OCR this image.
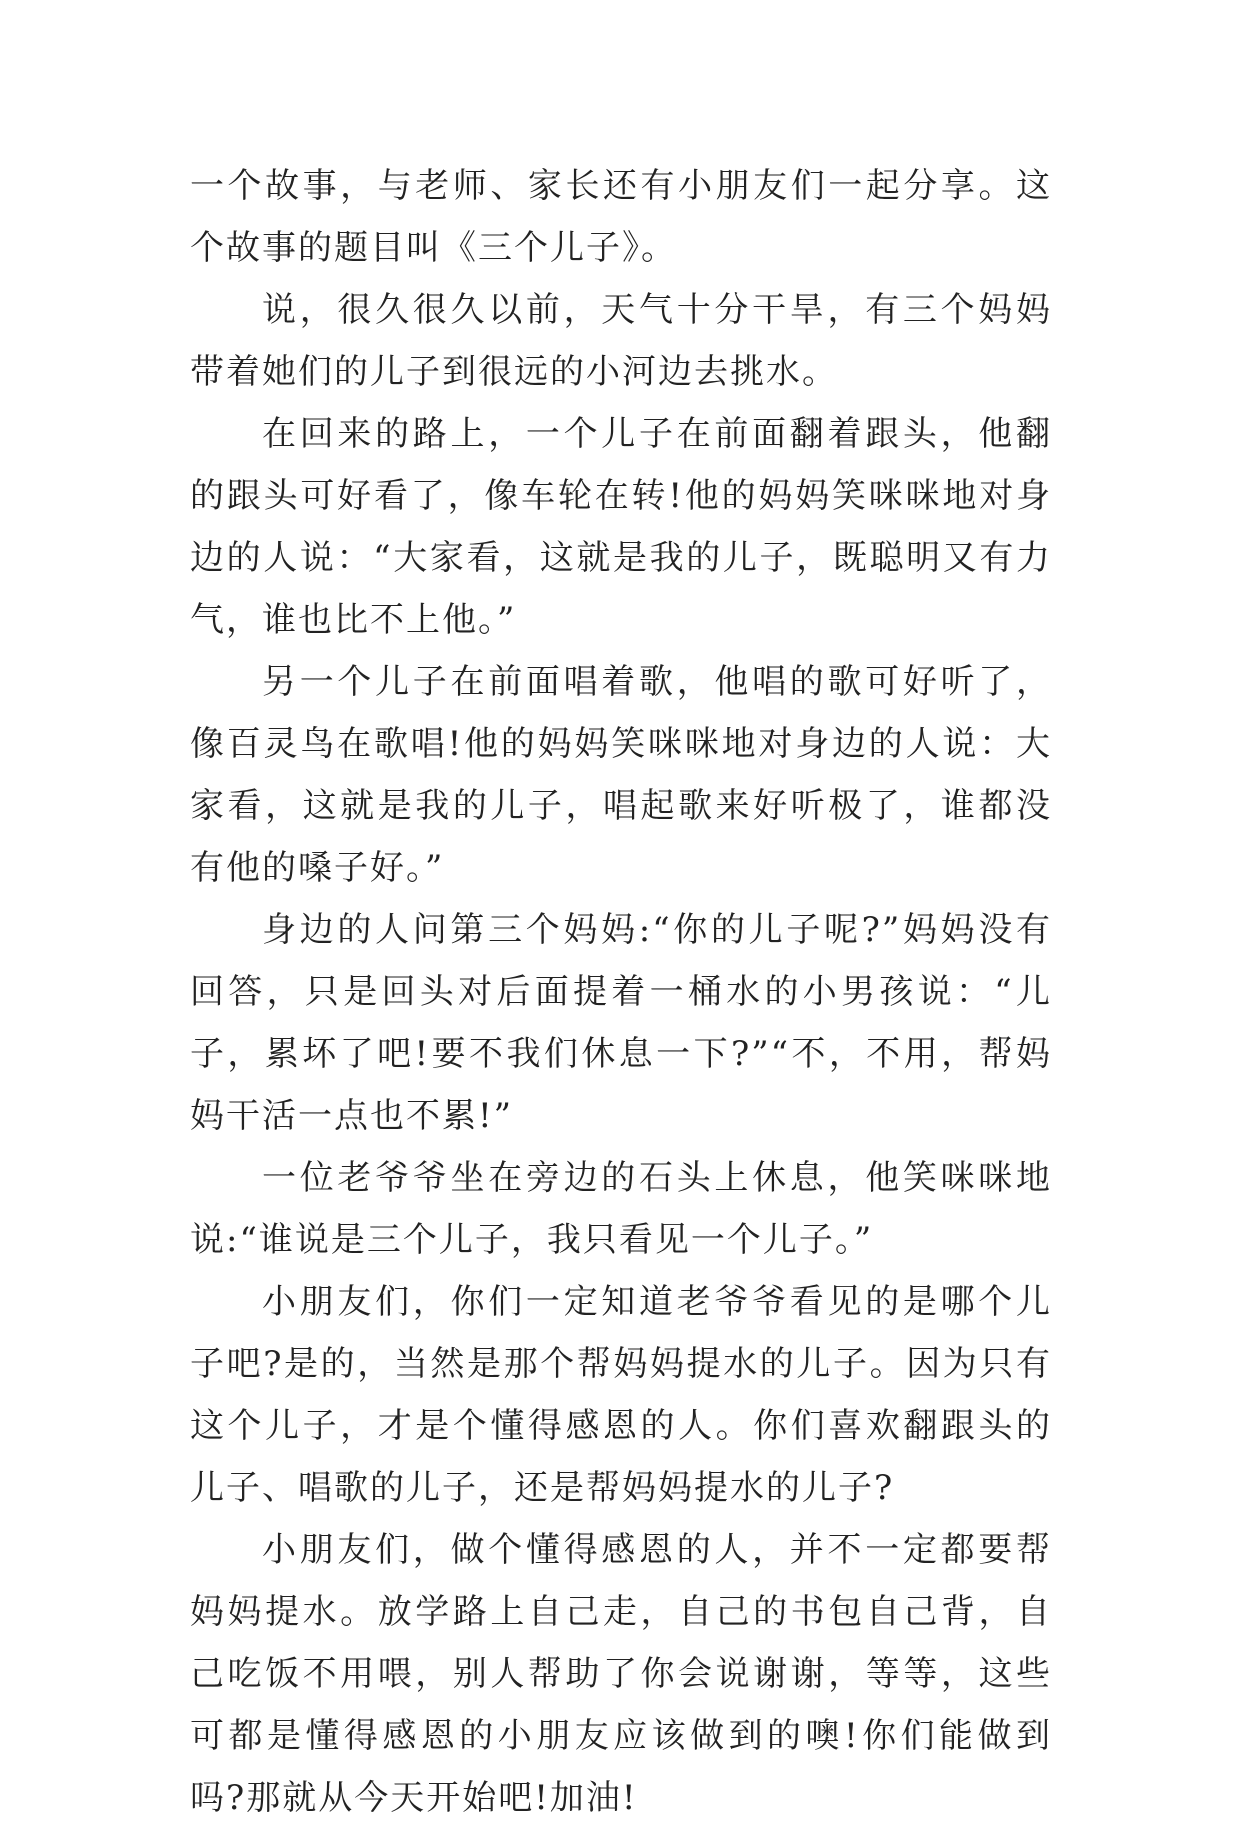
一个故事，与老师、家长还有小朋友们一起分享。这个故事的题目叫《三个儿子》。

说，很久很久以前，天气十分干旱，有三个妈妈带着她们的儿子到很远的小河边去挑水。

在回来的路上，一个儿子在前面翻着跟头，他翻的跟头可好看了，像车轮在转!他的妈妈笑咪咪地对身边的人说：“大家看，这就是我的儿子，既聪明又有力气，谁也比不上他。”

另一个儿子在前面唱着歌，他唱的歌可好听了，像百灵鸟在歌唱!他的妈妈笑咪咪地对身边的人说：大家看，这就是我的儿子，唱起歌来好听极了，谁都没有他的嗓子好。”

身边的人问第三个妈妈:“你的儿子呢?”妈妈没有回答，只是回头对后面提着一桶水的小男孩说：“儿子，累坏了吧!要不我们休息一下?”“不，不用，帮妈妈干活一点也不累!”

一位老爷爷坐在旁边的石头上休息，他笑咪咪地说:“谁说是三个儿子，我只看见一个儿子。”

小朋友们，你们一定知道老爷爷看见的是哪个儿子吧?是的，当然是那个帮妈妈提水的儿子。因为只有这个儿子，才是个懂得感恩的人。你们喜欢翻跟头的儿子、唱歌的儿子，还是帮妈妈提水的儿子?

小朋友们，做个懂得感恩的人，并不一定都要帮妈妈提水。放学路上自己走，自己的书包自己背，自己吃饭不用喂，别人帮助了你会说谢谢，等等，这些可都是懂得感恩的小朋友应该做到的噢!你们能做到吗?那就从今天开始吧!加油!
